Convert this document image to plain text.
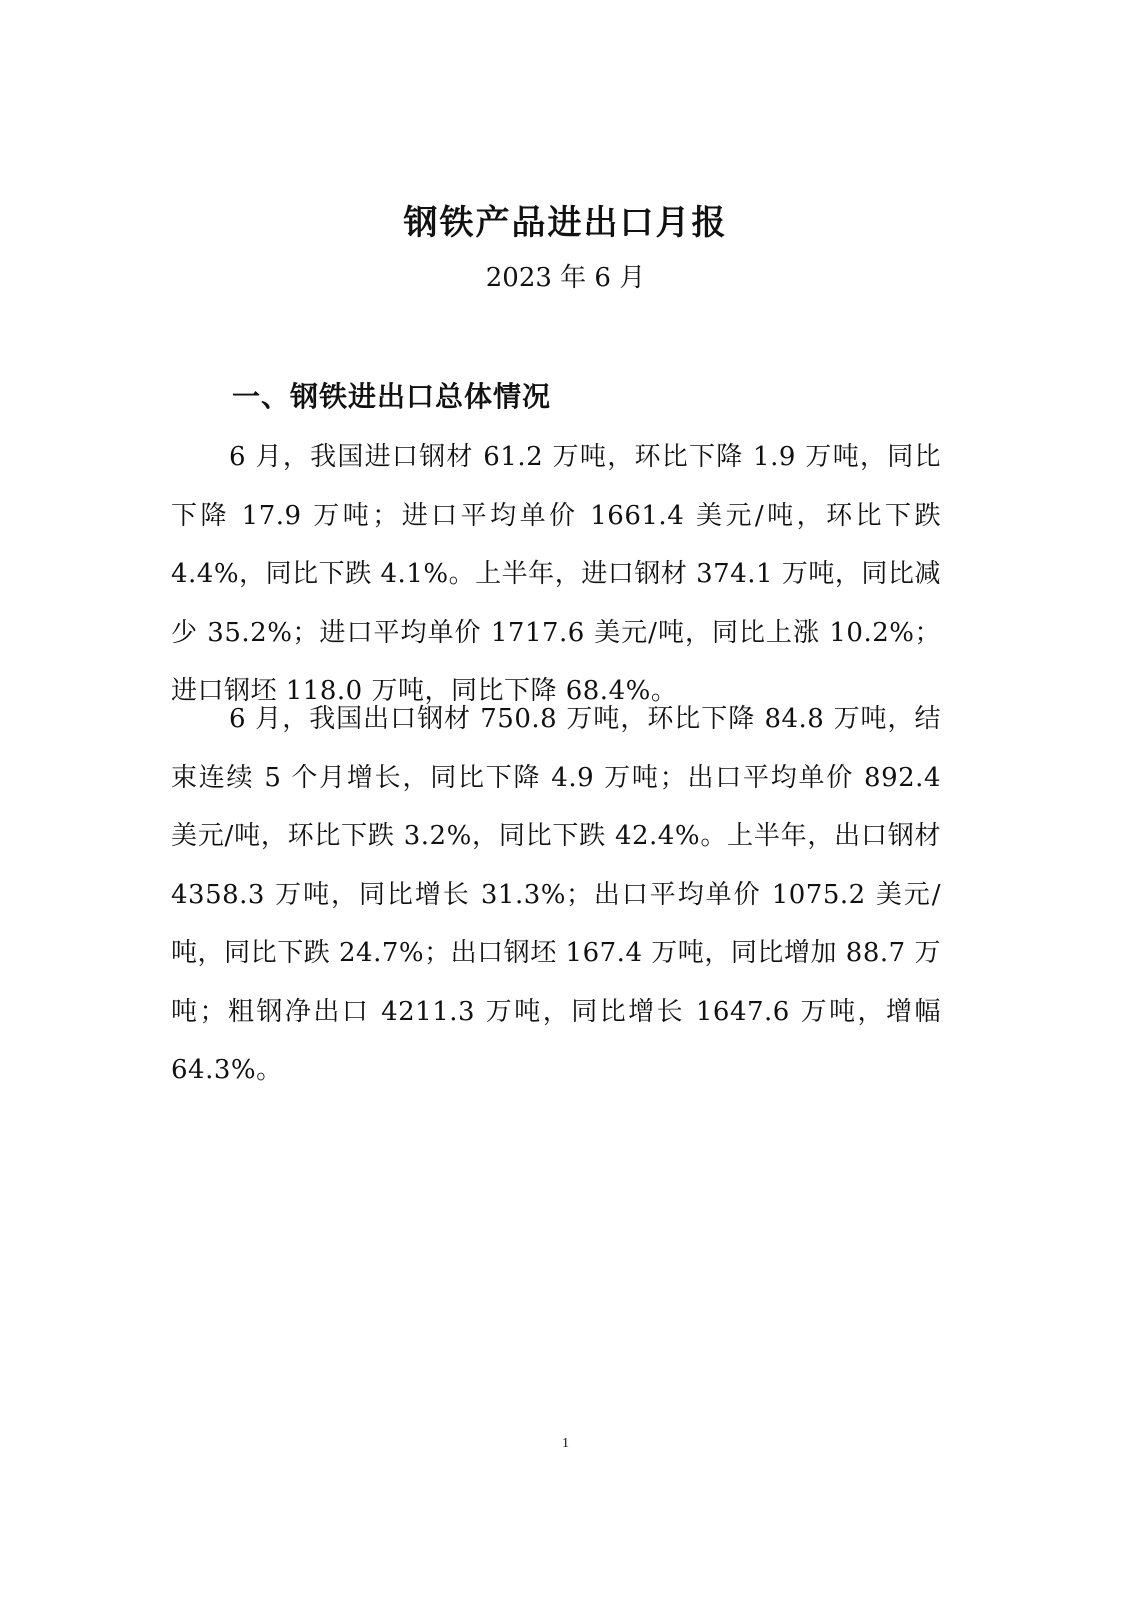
钢铁产品进出口月报
2023 年 6 月
一、钢铁进出口总体情况

6 月，我国进口钢材 61.2 万吨，环比下降 1.9 万吨，同比下降 17.9 万吨；进口平均单价 1661.4 美元/吨，环比下跌 4.4%，同比下跌 4.1%。上半年，进口钢材 374.1 万吨，同比减少 35.2%；进口平均单价 1717.6 美元/吨，同比上涨 10.2%；进口钢坯 118.0 万吨，同比下降 68.4%。

6 月，我国出口钢材 750.8 万吨，环比下降 84.8 万吨，结束连续 5 个月增长，同比下降 4.9 万吨；出口平均单价 892.4 美元/吨，环比下跌 3.2%，同比下跌 42.4%。上半年，出口钢材 4358.3 万吨，同比增长 31.3%；出口平均单价 1075.2 美元/吨，同比下跌 24.7%；出口钢坯 167.4 万吨，同比增加 88.7 万吨；粗钢净出口 4211.3 万吨，同比增长 1647.6 万吨，增幅 64.3%。

1
